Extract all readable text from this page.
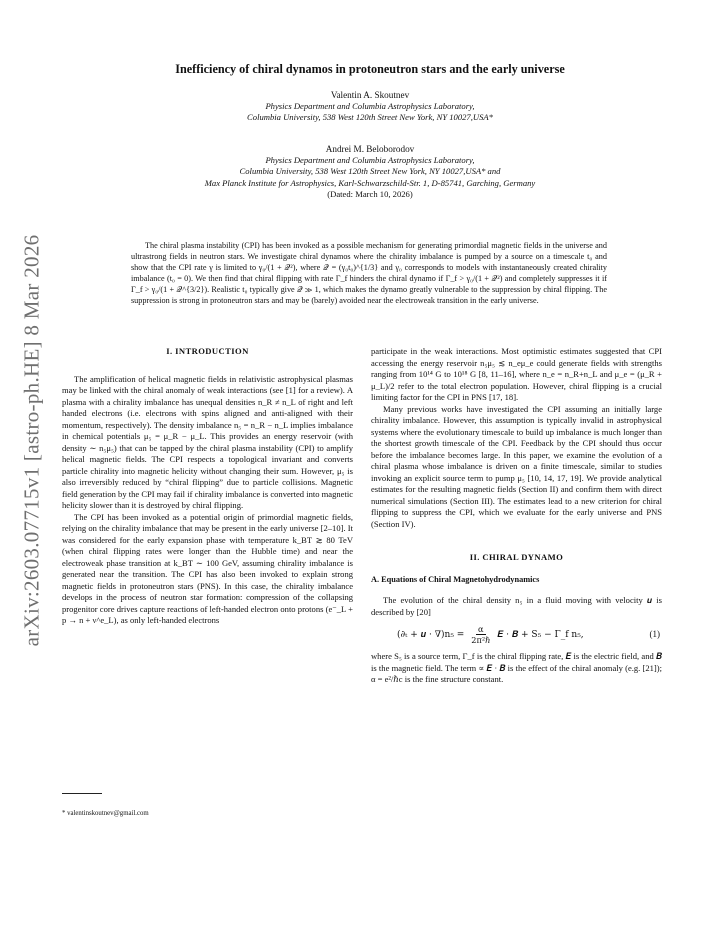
arXiv:2603.07715v1 [astro-ph.HE] 8 Mar 2026
Inefficiency of chiral dynamos in protoneutron stars and the early universe
Valentin A. Skoutnev
Physics Department and Columbia Astrophysics Laboratory,
Columbia University, 538 West 120th Street New York, NY 10027,USA*
Andrei M. Beloborodov
Physics Department and Columbia Astrophysics Laboratory,
Columbia University, 538 West 120th Street New York, NY 10027,USA* and
Max Planck Institute for Astrophysics, Karl-Schwarzschild-Str. 1, D-85741, Garching, Germany
(Dated: March 10, 2026)

The chiral plasma instability (CPI) has been invoked as a possible mechanism for generating primordial magnetic fields in the universe and ultrastrong fields in neutron stars. We investigate chiral dynamos where the chirality imbalance is pumped by a source on a timescale t₀ and show that the CPI rate γ is limited to γ₀/(1 + 𝒬²), where 𝒬 = (γ₀t₀)^{1/3} and γ₀ corresponds to models with instantaneously created chirality imbalance (t₀ = 0). We then find that chiral flipping with rate Γ_f hinders the chiral dynamo if Γ_f > γ₀/(1 + 𝒬²) and completely suppresses it if Γ_f > γ₀/(1 + 𝒬^{3/2}). Realistic t₀ typically give 𝒬 ≫ 1, which makes the dynamo greatly vulnerable to the suppression by chiral flipping. The suppression is strong in protoneutron stars and may be (barely) avoided near the electroweak transition in the early universe.

I. INTRODUCTION

The amplification of helical magnetic fields in relativistic astrophysical plasmas may be linked with the chiral anomaly of weak interactions (see [1] for a review). A plasma with a chirality imbalance has unequal densities n_R ≠ n_L of right and left handed electrons (i.e. electrons with spins aligned and anti-aligned with their momentum, respectively). The density imbalance n₅ = n_R − n_L implies imbalance in chemical potentials μ₅ = μ_R − μ_L. This provides an energy reservoir (with density ∼ n₅μ₅) that can be tapped by the chiral plasma instability (CPI) to amplify helical magnetic fields. The CPI respects a topological invariant and converts particle chirality into magnetic helicity without changing their sum. However, μ₅ is also irreversibly reduced by “chiral flipping” due to particle collisions. Magnetic field generation by the CPI may fail if chirality imbalance is converted into magnetic helicity slower than it is destroyed by chiral flipping.

The CPI has been invoked as a potential origin of primordial magnetic fields, relying on the chirality imbalance that may be present in the early universe [2–10]. It was considered for the early expansion phase with temperature k_BT ≳ 80 TeV (when chiral flipping rates were longer than the Hubble time) and near the electroweak phase transition at k_BT ∼ 100 GeV, assuming chirality imbalance is generated near the transition. The CPI has also been invoked to explain strong magnetic fields in protoneutron stars (PNS). In this case, the chirality imbalance develops in the process of neutron star formation: compression of the collapsing progenitor core drives capture reactions of left-handed electron onto protons (e⁻_L + p → n + ν^e_L), as only left-handed electrons

participate in the weak interactions. Most optimistic estimates suggested that CPI accessing the energy reservoir n₅μ₅ ≲ n_eμ_e could generate fields with strengths ranging from 10¹⁴ G to 10¹⁸ G [8, 11–16], where n_e = n_R+n_L and μ_e = (μ_R + μ_L)/2 refer to the total electron population. However, chiral flipping is a crucial limiting factor for the CPI in PNS [17, 18].

Many previous works have investigated the CPI assuming an initially large chirality imbalance. However, this assumption is typically invalid in astrophysical systems where the evolutionary timescale to build up imbalance is much longer than the shortest growth timescale of the CPI. Feedback by the CPI should thus occur before the imbalance becomes large. In this paper, we examine the evolution of a chiral plasma whose imbalance is driven on a finite timescale, similar to studies invoking an explicit source term to pump μ₅ [10, 14, 17, 19]. We provide analytical estimates for the resulting magnetic fields (Section II) and confirm them with direct numerical simulations (Section III). The estimates lead to a new criterion for chiral flipping to suppress the CPI, which we evaluate for the early universe and PNS (Section IV).

II. CHIRAL DYNAMO
A. Equations of Chiral Magnetohydrodynamics

The evolution of the chiral density n₅ in a fluid moving with velocity 𝒖 is described by [20]

(∂ₜ + 𝒖 · $\nabla)n_5 = \frac{\alpha}{\text{2π²ℏ}}$ 𝑬 · 𝑩 + S₅ − Γ_f n₅,	(1)

where S₅ is a source term, Γ_f is the chiral flipping rate, 𝑬 is the electric field, and 𝑩 is the magnetic field. The term ∝ 𝑬 · 𝑩 is the effect of the chiral anomaly (e.g. [21]); α = e²/ℏc is the fine structure constant.

* valentinskoutnev@gmail.com
